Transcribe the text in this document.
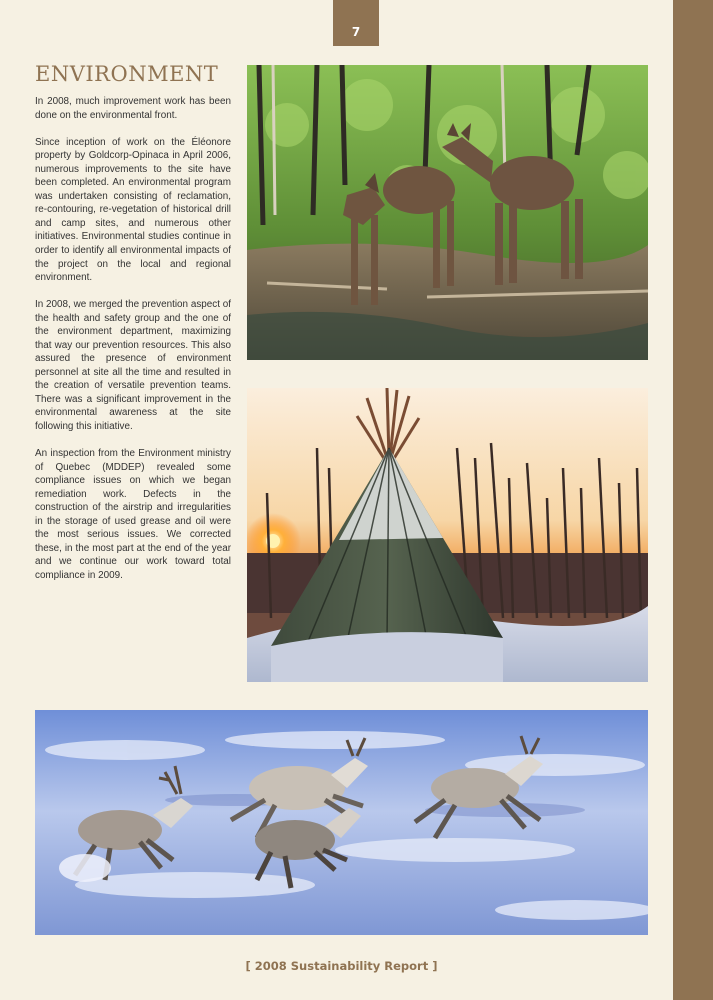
7
ENVIRONMENT

In 2008, much improvement work has been done on the environmental front.

Since inception of work on the Éléonore property by Goldcorp-Opinaca in April 2006, numerous improvements to the site have been completed. An environmental program was undertaken consisting of reclamation, re-contouring, re-vegetation of historical drill and camp sites, and numerous other initiatives. Environmental studies continue in order to identify all environmental impacts of the project on the local and regional environment.

In 2008, we merged the prevention aspect of the health and safety group and the one of the environment department, maximizing that way our prevention resources. This also assured the presence of environment personnel at site all the time and resulted in the creation of versatile prevention teams. There was a significant improvement in the environmental awareness at the site following this initiative.

An inspection from the Environment ministry of Quebec (MDDEP) revealed some compliance issues on which we began remediation work. Defects in the construction of the airstrip and irregularities in the storage of used grease and oil were the most serious issues. We corrected these, in the most part at the end of the year and we continue our work toward total compliance in 2009.

[ 2008 Sustainability Report ]
